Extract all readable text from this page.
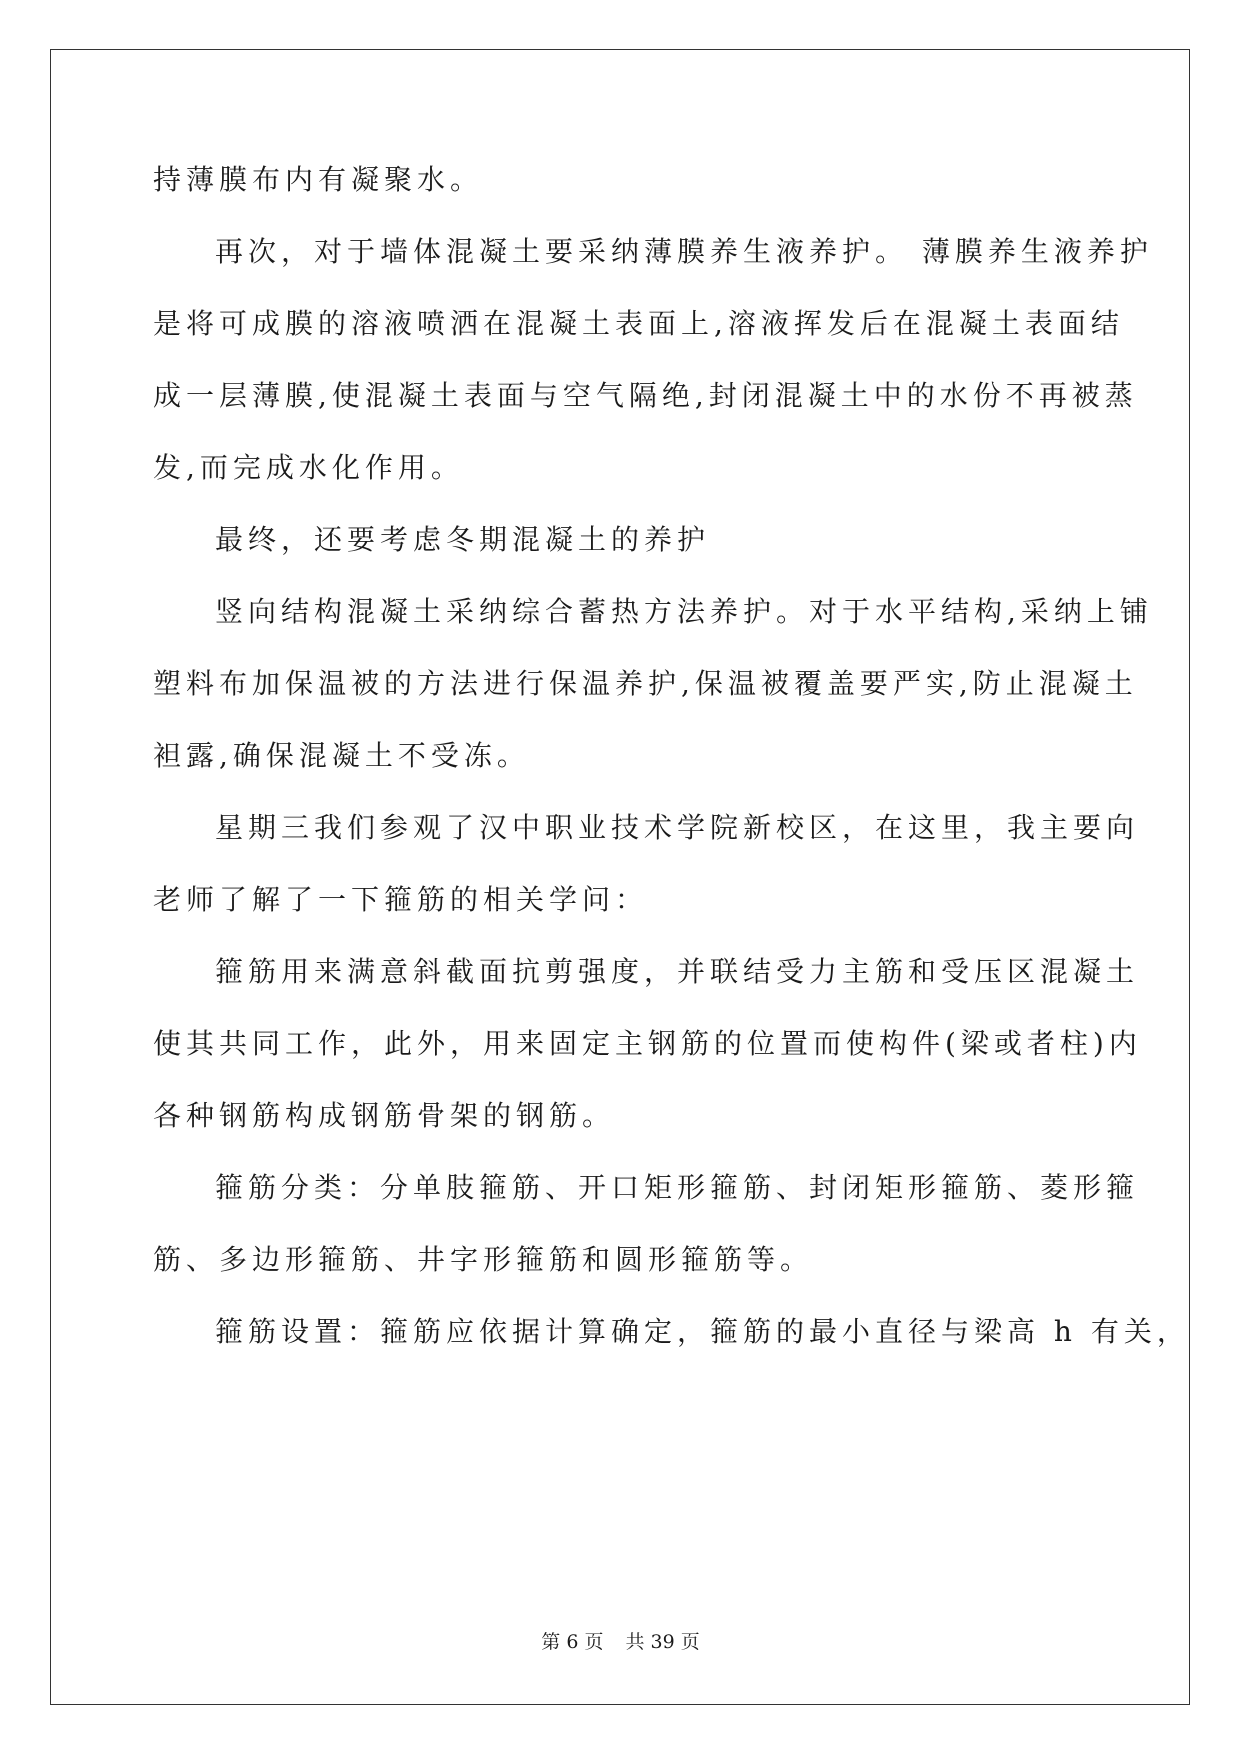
持薄膜布内有凝聚水。
再次，对于墙体混凝土要采纳薄膜养生液养护。 薄膜养生液养护
是将可成膜的溶液喷洒在混凝土表面上,溶液挥发后在混凝土表面结
成一层薄膜,使混凝土表面与空气隔绝,封闭混凝土中的水份不再被蒸
发,而完成水化作用。
最终，还要考虑冬期混凝土的养护
竖向结构混凝土采纳综合蓄热方法养护。对于水平结构,采纳上铺
塑料布加保温被的方法进行保温养护,保温被覆盖要严实,防止混凝土
袒露,确保混凝土不受冻。
星期三我们参观了汉中职业技术学院新校区，在这里，我主要向
老师了解了一下箍筋的相关学问：
箍筋用来满意斜截面抗剪强度，并联结受力主筋和受压区混凝土
使其共同工作，此外，用来固定主钢筋的位置而使构件(梁或者柱)内
各种钢筋构成钢筋骨架的钢筋。
箍筋分类：分单肢箍筋、开口矩形箍筋、封闭矩形箍筋、菱形箍
筋、多边形箍筋、井字形箍筋和圆形箍筋等。
箍筋设置：箍筋应依据计算确定，箍筋的最小直径与梁高 h 有关，
第 6 页 共 39 页
